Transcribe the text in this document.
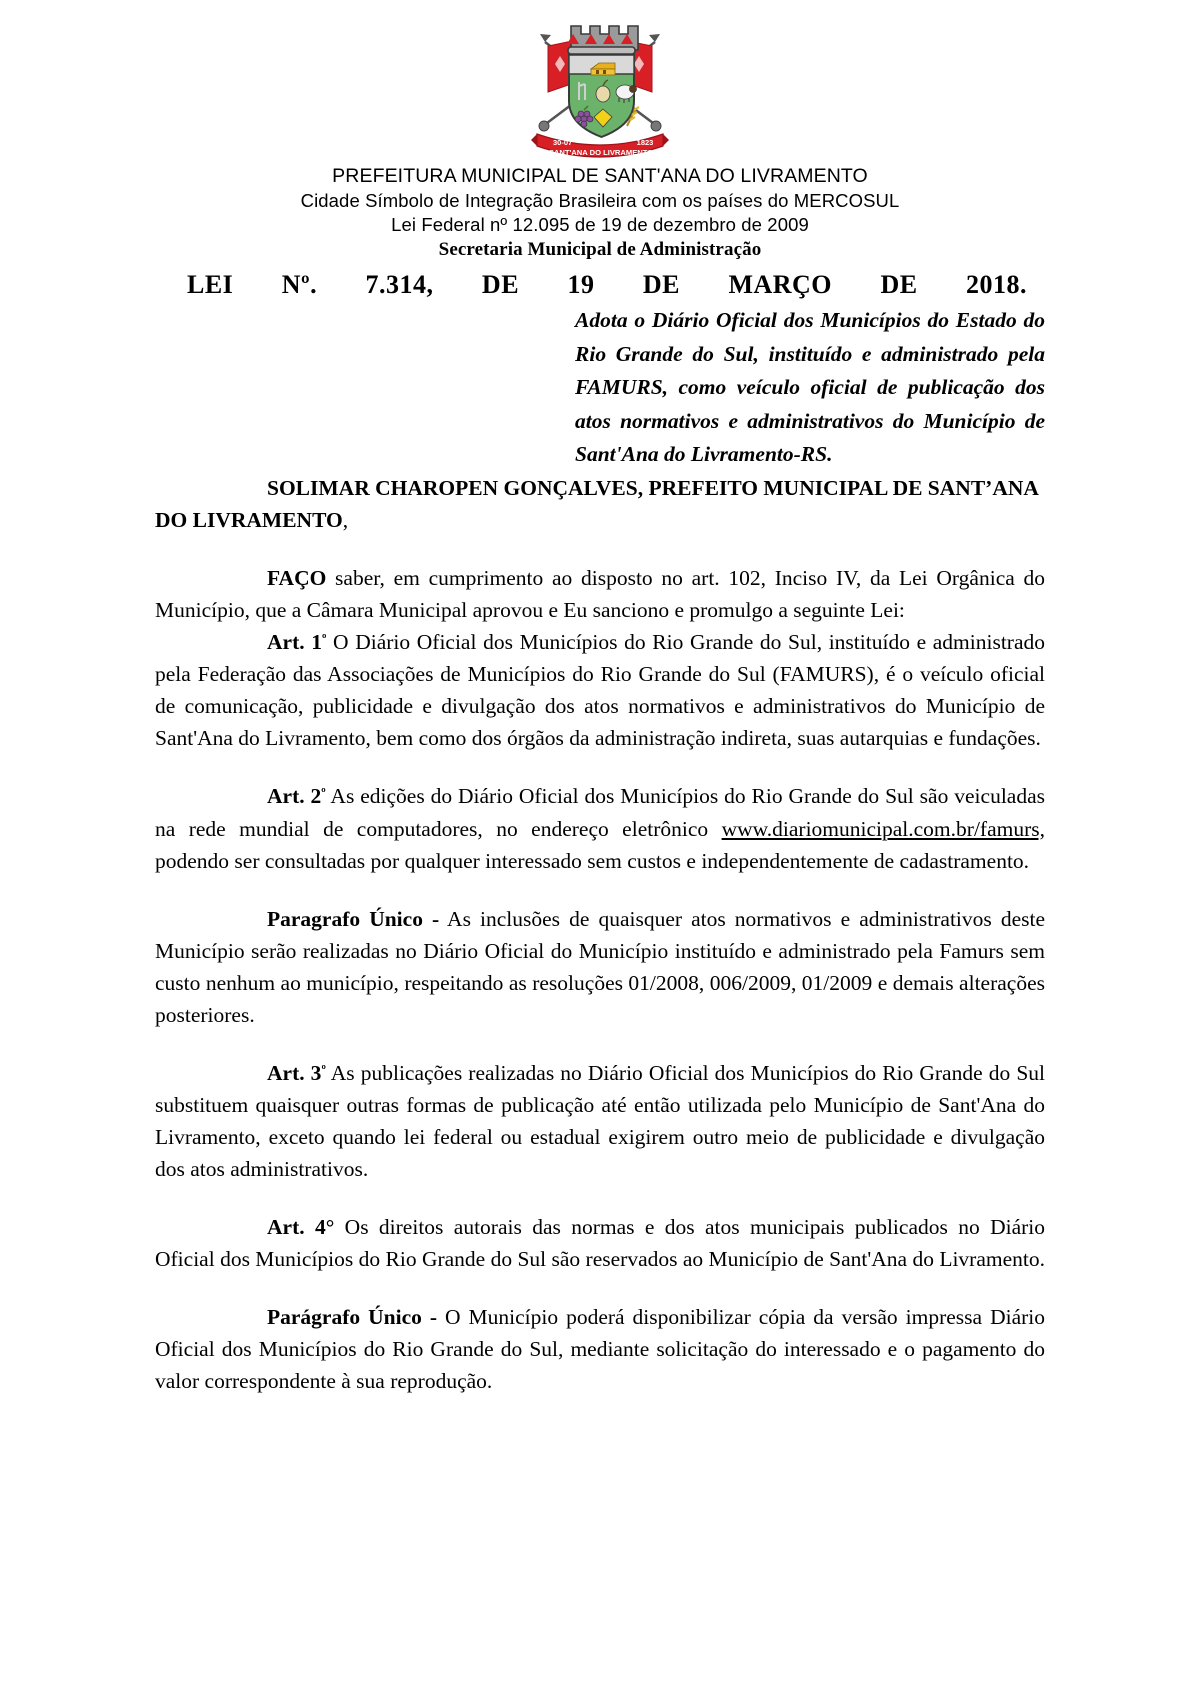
30-07	1823
SANT'ANA DO LIVRAMENTO
PREFEITURA MUNICIPAL DE SANT'ANA DO LIVRAMENTO
Cidade Símbolo de Integração Brasileira com os países do MERCOSUL
Lei Federal nº 12.095 de 19 de dezembro de 2009
Secretaria Municipal de Administração
LEI Nº. 7.314, DE 19 DE MARÇO DE 2018.
Adota o Diário Oficial dos Municípios do Estado do Rio Grande do Sul, instituído e administrado pela FAMURS, como veículo oficial de publicação dos atos normativos e administrativos do Município de Sant'Ana do Livramento-RS.

SOLIMAR CHAROPEN GONÇALVES, PREFEITO MUNICIPAL DE SANT’ANA DO LIVRAMENTO,

FAÇO saber, em cumprimento ao disposto no art. 102, Inciso IV, da Lei Orgânica do Município, que a Câmara Municipal aprovou e Eu sanciono e promulgo a seguinte Lei:

Art. $1^º$ O Diário Oficial dos Municípios do Rio Grande do Sul, instituído e administrado pela Federação das Associações de Municípios do Rio Grande do Sul (FAMURS), é o veículo oficial de comunicação, publicidade e divulgação dos atos normativos e administrativos do Município de Sant'Ana do Livramento, bem como dos órgãos da administração indireta, suas autarquias e fundações.

Art. $2^º$ As edições do Diário Oficial dos Municípios do Rio Grande do Sul são veiculadas na rede mundial de computadores, no endereço eletrônico www.diariomunicipal.com.br/famurs, podendo ser consultadas por qualquer interessado sem custos e independentemente de cadastramento.

Paragrafo Único - As inclusões de quaisquer atos normativos e administrativos deste Município serão realizadas no Diário Oficial do Município instituído e administrado pela Famurs sem custo nenhum ao município, respeitando as resoluções 01/2008, 006/2009, 01/2009 e demais alterações posteriores.

Art. $3^º$ As publicações realizadas no Diário Oficial dos Municípios do Rio Grande do Sul substituem quaisquer outras formas de publicação até então utilizada pelo Município de Sant'Ana do Livramento, exceto quando lei federal ou estadual exigirem outro meio de publicidade e divulgação dos atos administrativos.

Art. 4° Os direitos autorais das normas e dos atos municipais publicados no Diário Oficial dos Municípios do Rio Grande do Sul são reservados ao Município de Sant'Ana do Livramento.

Parágrafo Único - O Município poderá disponibilizar cópia da versão impressa Diário Oficial dos Municípios do Rio Grande do Sul, mediante solicitação do interessado e o pagamento do valor correspondente à sua reprodução.
